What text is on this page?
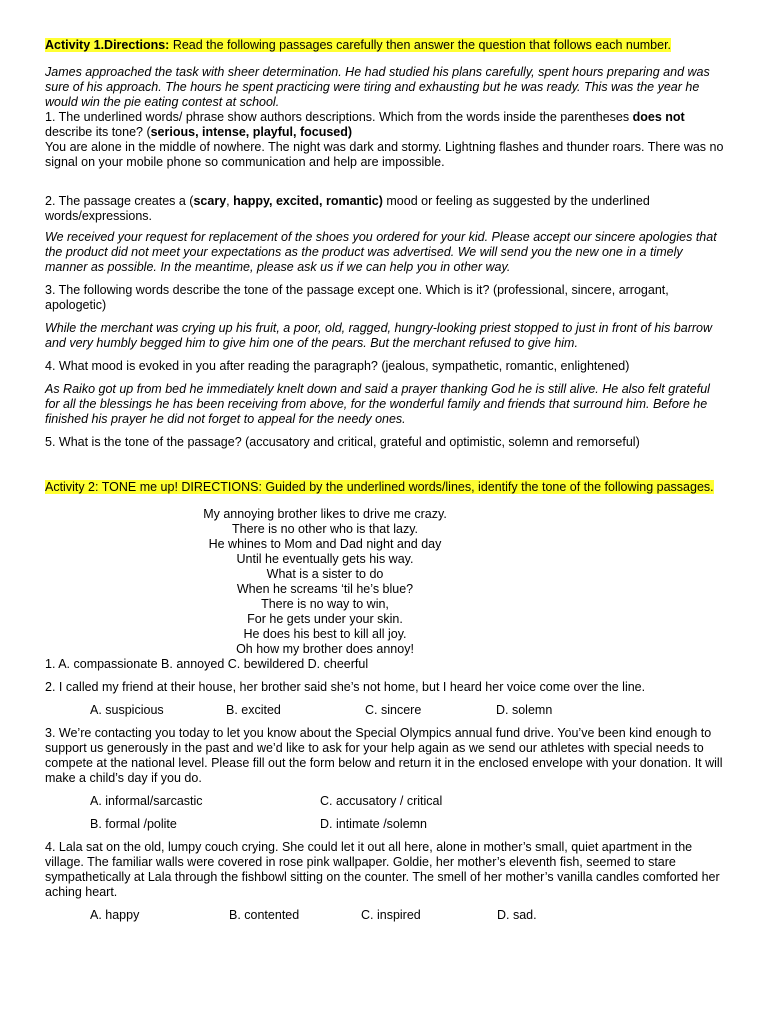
Activity 1.Directions: Read the following passages carefully then answer the question that follows each number.

James approached the task with sheer determination. He had studied his plans carefully, spent hours preparing and was sure of his approach. The hours he spent practicing were tiring and exhausting but he was ready. This was the year he would win the pie eating contest at school.

1. The underlined words/ phrase show authors descriptions. Which from the words inside the parentheses does not describe its tone? (serious, intense, playful, focused)

You are alone in the middle of nowhere. The night was dark and stormy. Lightning flashes and thunder roars. There was no signal on your mobile phone so communication and help are impossible.

2. The passage creates a (scary, happy, excited, romantic) mood or feeling as suggested by the underlined words/expressions.

We received your request for replacement of the shoes you ordered for your kid. Please accept our sincere apologies that the product did not meet your expectations as the product was advertised. We will send you the new one in a timely manner as possible. In the meantime, please ask us if we can help you in other way.

3. The following words describe the tone of the passage except one. Which is it? (professional, sincere, arrogant, apologetic)

While the merchant was crying up his fruit, a poor, old, ragged, hungry-looking priest stopped to just in front of his barrow and very humbly begged him to give him one of the pears. But the merchant refused to give him.

4. What mood is evoked in you after reading the paragraph? (jealous, sympathetic, romantic, enlightened)

As Raiko got up from bed he immediately knelt down and said a prayer thanking God he is still alive. He also felt grateful for all the blessings he has been receiving from above, for the wonderful family and friends that surround him. Before he finished his prayer he did not forget to appeal for the needy ones.

5. What is the tone of the passage? (accusatory and critical, grateful and optimistic, solemn and remorseful)

Activity 2: TONE me up! DIRECTIONS: Guided by the underlined words/lines, identify the tone of the following passages.

My annoying brother likes to drive me crazy.
There is no other who is that lazy.
He whines to Mom and Dad night and day
Until he eventually gets his way.
What is a sister to do
When he screams ‘til he’s blue?
There is no way to win,
For he gets under your skin.
He does his best to kill all joy.
Oh how my brother does annoy!

1. A. compassionate B. annoyed C. bewildered D. cheerful

2. I called my friend at their house, her brother said she’s not home, but I heard her voice come over the line.

A. suspicious	B. excited	C. sincere	D. solemn

3. We’re contacting you today to let you know about the Special Olympics annual fund drive. You’ve been kind enough to support us generously in the past and we’d like to ask for your help again as we send our athletes with special needs to compete at the national level. Please fill out the form below and return it in the enclosed envelope with your donation. It will make a child’s day if you do.

A. informal/sarcastic	C. accusatory / critical
B. formal /polite	D. intimate /solemn

4. Lala sat on the old, lumpy couch crying. She could let it out all here, alone in mother’s small, quiet apartment in the village. The familiar walls were covered in rose pink wallpaper. Goldie, her mother’s eleventh fish, seemed to stare sympathetically at Lala through the fishbowl sitting on the counter. The smell of her mother’s vanilla candles comforted her aching heart.

A. happy	B. contented	C. inspired	D. sad.
